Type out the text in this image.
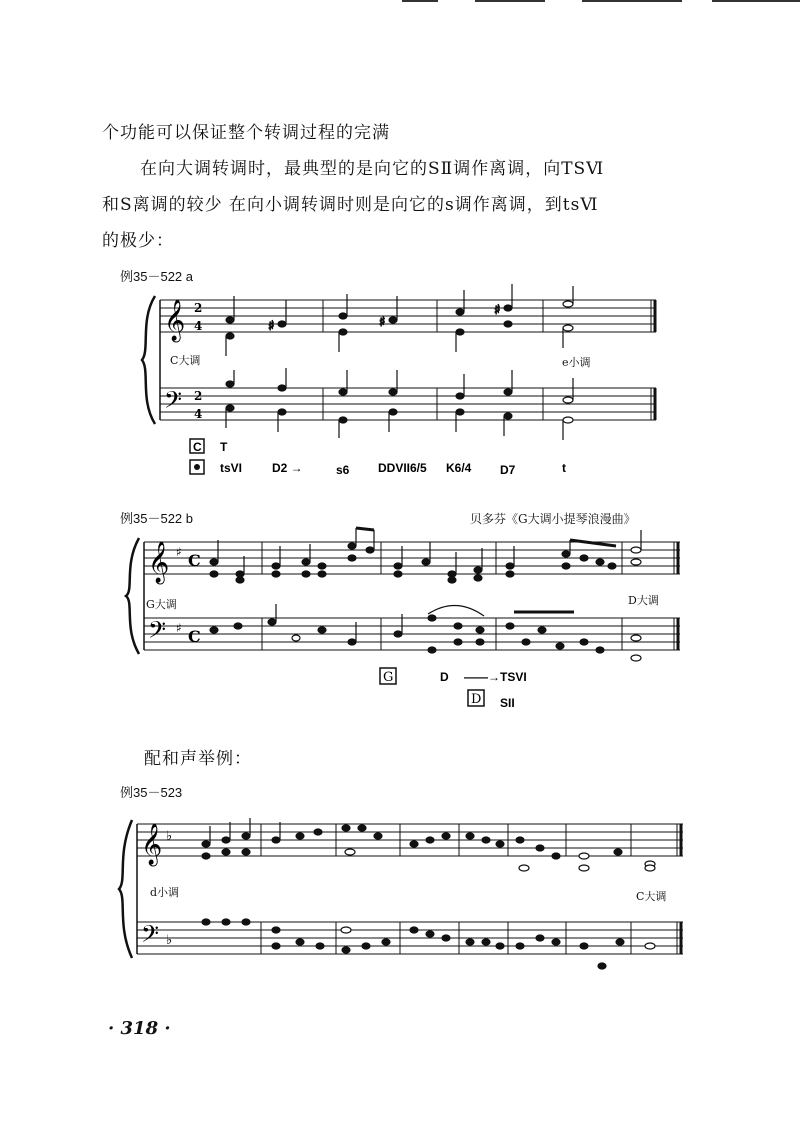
个功能可以保证整个转调过程的完满
在向大调转调时，最典型的是向它的SⅡ调作离调，向TSⅥ
和S离调的较少 在向小调转调时则是向它的s调作离调，到tsⅥ
的极少：
例35－522 a
𝄞
𝄢
2
4
2
4
♯	♯
♯
C T
tsVI D2 →	s6 DDVII6/5 K6/4 D7	t
C大调	e小调
例35－522 b	贝多芬《G大调小提琴浪漫曲》
𝄞
𝄢
♯
♯
C
C
G	D ——→ TSVI
D SII
G大调	D大调
配和声举例：
例35－523
𝄞
𝄢
♭
♭
d小调	C大调
· 318 ·
